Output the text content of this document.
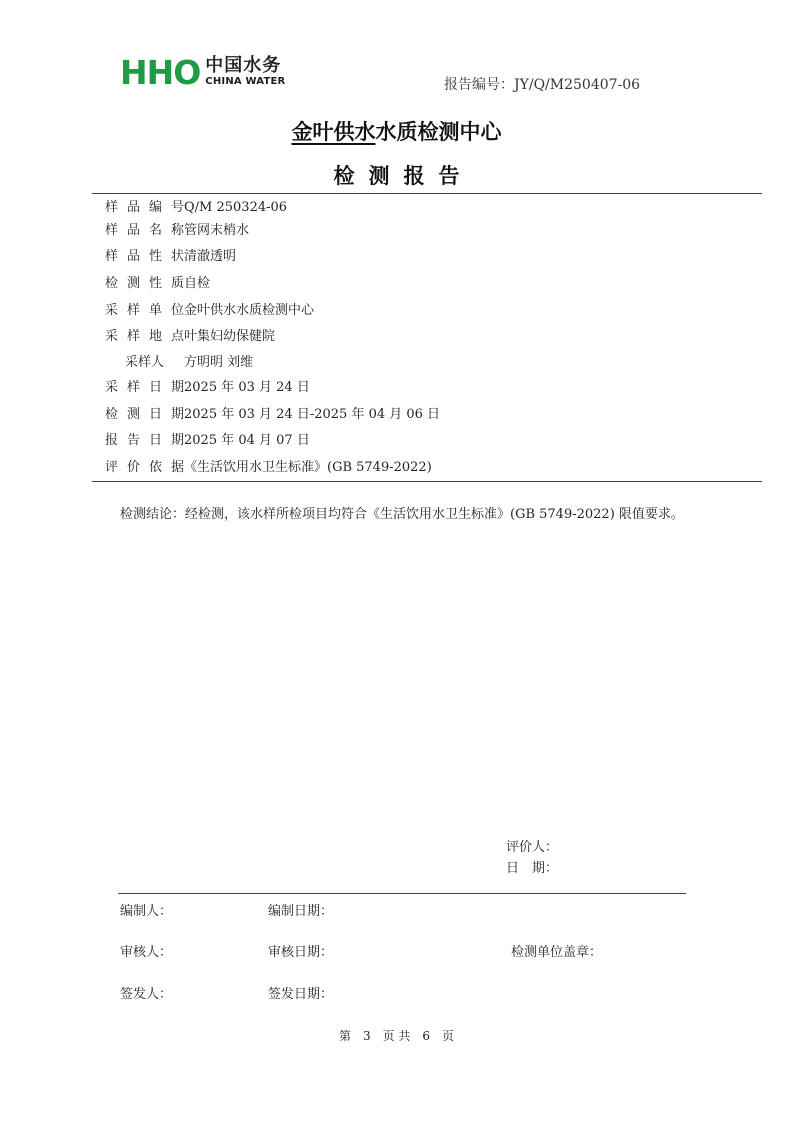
HHO 中国水务
CHINA WATER	报告编号：JY/Q/M250407-06
金叶供水水质检测中心
检测报告
样品编号 Q/M 250324-06
样品名称 管网末梢水
样品性状 清澈透明
检测性质 自检
采样单位 金叶供水水质检测中心
采样地点 叶集妇幼保健院
采样人	方明明 刘维
采样日期 2025 年 03 月 24 日
检测日期 2025 年 03 月 24 日-2025 年 04 月 06 日
报告日期 2025 年 04 月 07 日
评价依据 《生活饮用水卫生标准》(GB 5749-2022)
检测结论：经检测，该水样所检项目均符合《生活饮用水卫生标准》(GB 5749-2022) 限值要求。
评价人：
日　期：
编制人：	编制日期：
审核人：	审核日期：	检测单位盖章：
签发人：	签发日期：
第　3　页 共　6　页
